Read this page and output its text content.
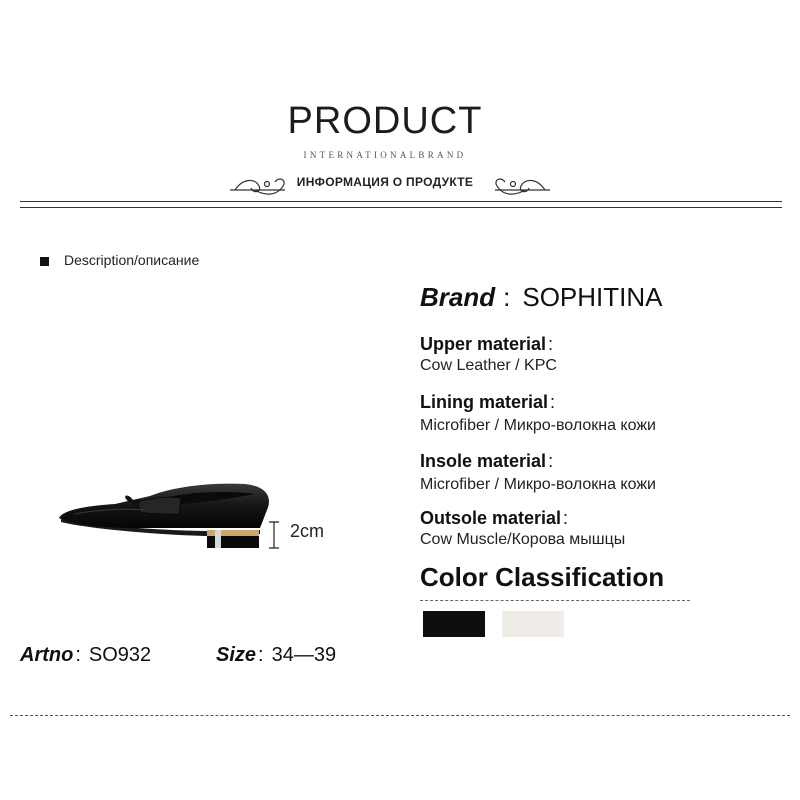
PRODUCT
INTERNATIONALBRAND
ИНФОРМАЦИЯ О ПРОДУКТЕ
Description/описание
Brand : SOPHITINA
Upper material :
Cow Leather / KPC
Lining material :
Microfiber / Микро-волокна кожи
Insole material :
Microfiber / Микро-волокна кожи
Outsole material :
Cow Muscle/Корова мышцы
Color Classification
2cm
Artno : SO932	Size : 34—39
